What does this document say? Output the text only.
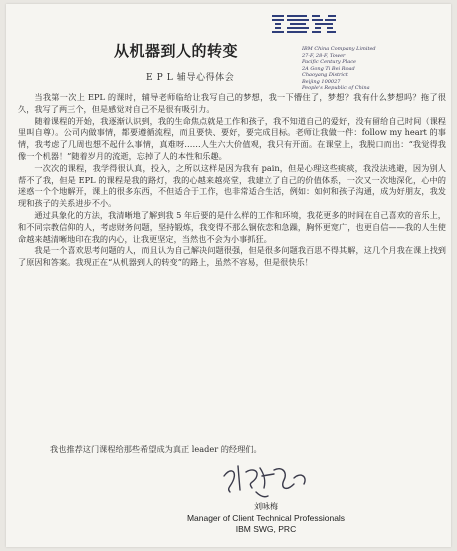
IBM China Company Limited
27-F, 28-F, Tower
Pacific Century Place
2A Gong Ti Bei Road
Chaoyang District
Beijing 100027
People's Republic of China
从机器到人的转变
E P L 辅导心得体会

当我第一次上 EPL 的课时，辅导老师临给让我写自己的梦想，我一下懵住了，梦想？我有什么梦想吗？拖了很久，我写了两三个，但是感觉对自己不是很有吸引力。

随着课程的开始，我逐渐认识到，我的生命焦点就是工作和孩子，我不知道自己的爱好，没有留给自己时间（课程里叫自尊）。公司内做事情，都要遵循流程，而且要快、要好，要完成目标。老师让我做一件：follow my heart 的事情，我考虑了几周也想不起什么事情，真难呀……人生六大价值观，我只有开面。在课堂上，我脱口而出：“我觉得我像一个机器！”随着岁月的流逝，忘掉了人的本性和乐趣。

一次次的课程，我学得很认真，投入，之所以这样是因为我有 pain，但是心理这些痰痰，我没法逃避，因为别人帮不了我，但是 EPL 的课程是我的路灯，我的心越来越亮堂，我建立了自己的价值体系，一次又一次地深化，心中的迷惑一个个地解开，课上的很多东西，不但适合于工作，也非常适合生活，例如：如何和孩子沟通，成为好朋友，我发现和孩子的关系进步不小。

通过具象化的方法，我清晰地了解到我 5 年后要的是什么样的工作和环境，我花更多的时间在自己喜欢的音乐上，和不同宗教信仰的人，考虑财务问题，坚持锻炼，我变得不那么铜依恋和急躁，胸怀更宽广，也更自信——我的人生使命越来越清晰地印在我的内心，让我更坚定，当然也不会为小事抓狂。

我是一个喜欢思考问题的人，而且认为自己解决问题很强，但是很多问题我百思不得其解，这几个月我在课上找到了原因和答案。我现正在“从机器到人的转变”的路上，虽然不容易，但是很快乐！

我也推荐这门课程给那些希望成为真正 leader 的经理们。
刘咏梅
Manager of Client Technical Professionals
IBM SWG, PRC
